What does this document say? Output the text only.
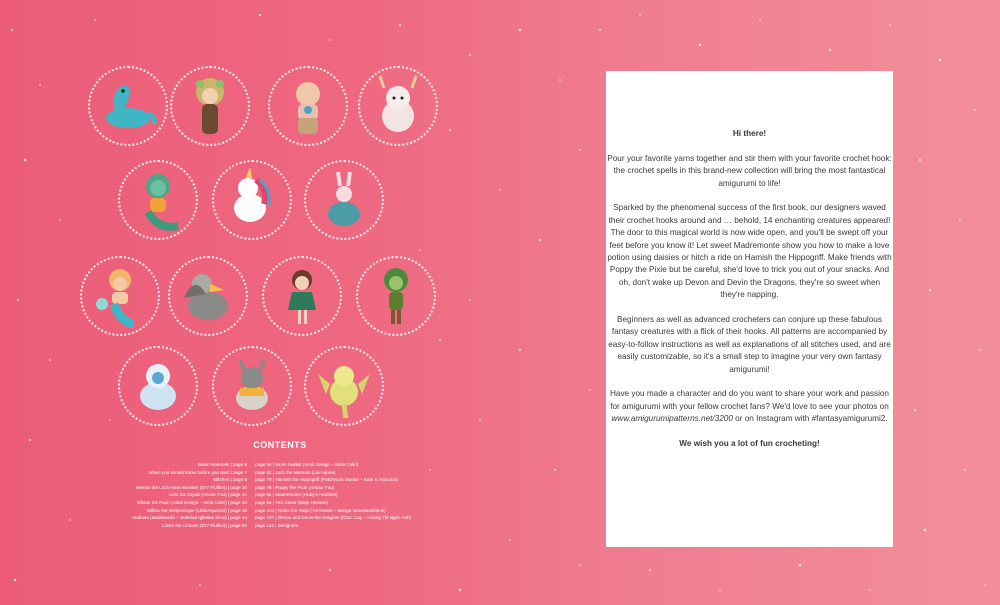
CONTENTS
Basic materials | page 6
When you should know before you start | page 7
Stitches | page 8
Nessie the Loch Ness Monster (DIY Fluffies) | page 10
Livia the Dryad (Amour Fou) | page 24
Silvian the Faun (Airali Design – Ilaria Caliri) | page 30
Willow the Wolpertinger (LittleAquaGirl) | page 36
Madusa (Madelamiin – Soledad Iglesias Silva) | page 44
Lizzie the Unicorn (DIY Fluffies) | page 52
page 58 | Moon Rabbit (Airali Design – Ilaria Caliri)
page 62 | Jack the Merman (Lia Arjona)
page 70 | Hamish the Hippogriff (Patchwork Moose – Kate E Hancock)
page 78 | Poppy the Pixie (Amour Fou)
page 84 | Madremonte (Hoby's Hobbies)
page 94 | Yeti Junior (Maja Hansen)
page 100 | Raiko the Raijū (YarnWave – Bonga Vaicekauskienė)
page 107 | Devon and Devin the Dragons (Khuc Cay – Hoang Thi Ngoc Anh)
page 114 | Designers

Hi there!

Pour your favorite yarns together and stir them with your favorite crochet hook: the crochet spells in this brand-new collection will bring the most fantastical amigurumi to life!

Sparked by the phenomenal success of the first book, our designers waved their crochet hooks around and … behold, 14 enchanting creatures appeared! The door to this magical world is now wide open, and you'll be swept off your feet before you know it! Let sweet Madremonte show you how to make a love potion using daisies or hitch a ride on Hamish the Hippogriff. Make friends with Poppy the Pixie but be careful, she'd love to trick you out of your snacks. And oh, don't wake up Devon and Devin the Dragons, they're so sweet when they're napping.

Beginners as well as advanced crocheters can conjure up these fabulous fantasy creatures with a flick of their hooks. All patterns are accompanied by easy-to-follow instructions as well as explanations of all stitches used, and are easily customizable, so it's a small step to imagine your very own fantasy amigurumi!

Have you made a character and do you want to share your work and passion for amigurumi with your fellow crochet fans? We'd love to see your photos on www.amigurumipatterns.net/3200 or on Instagram with #fantasyamigurumi2.

We wish you a lot of fun crocheting!
